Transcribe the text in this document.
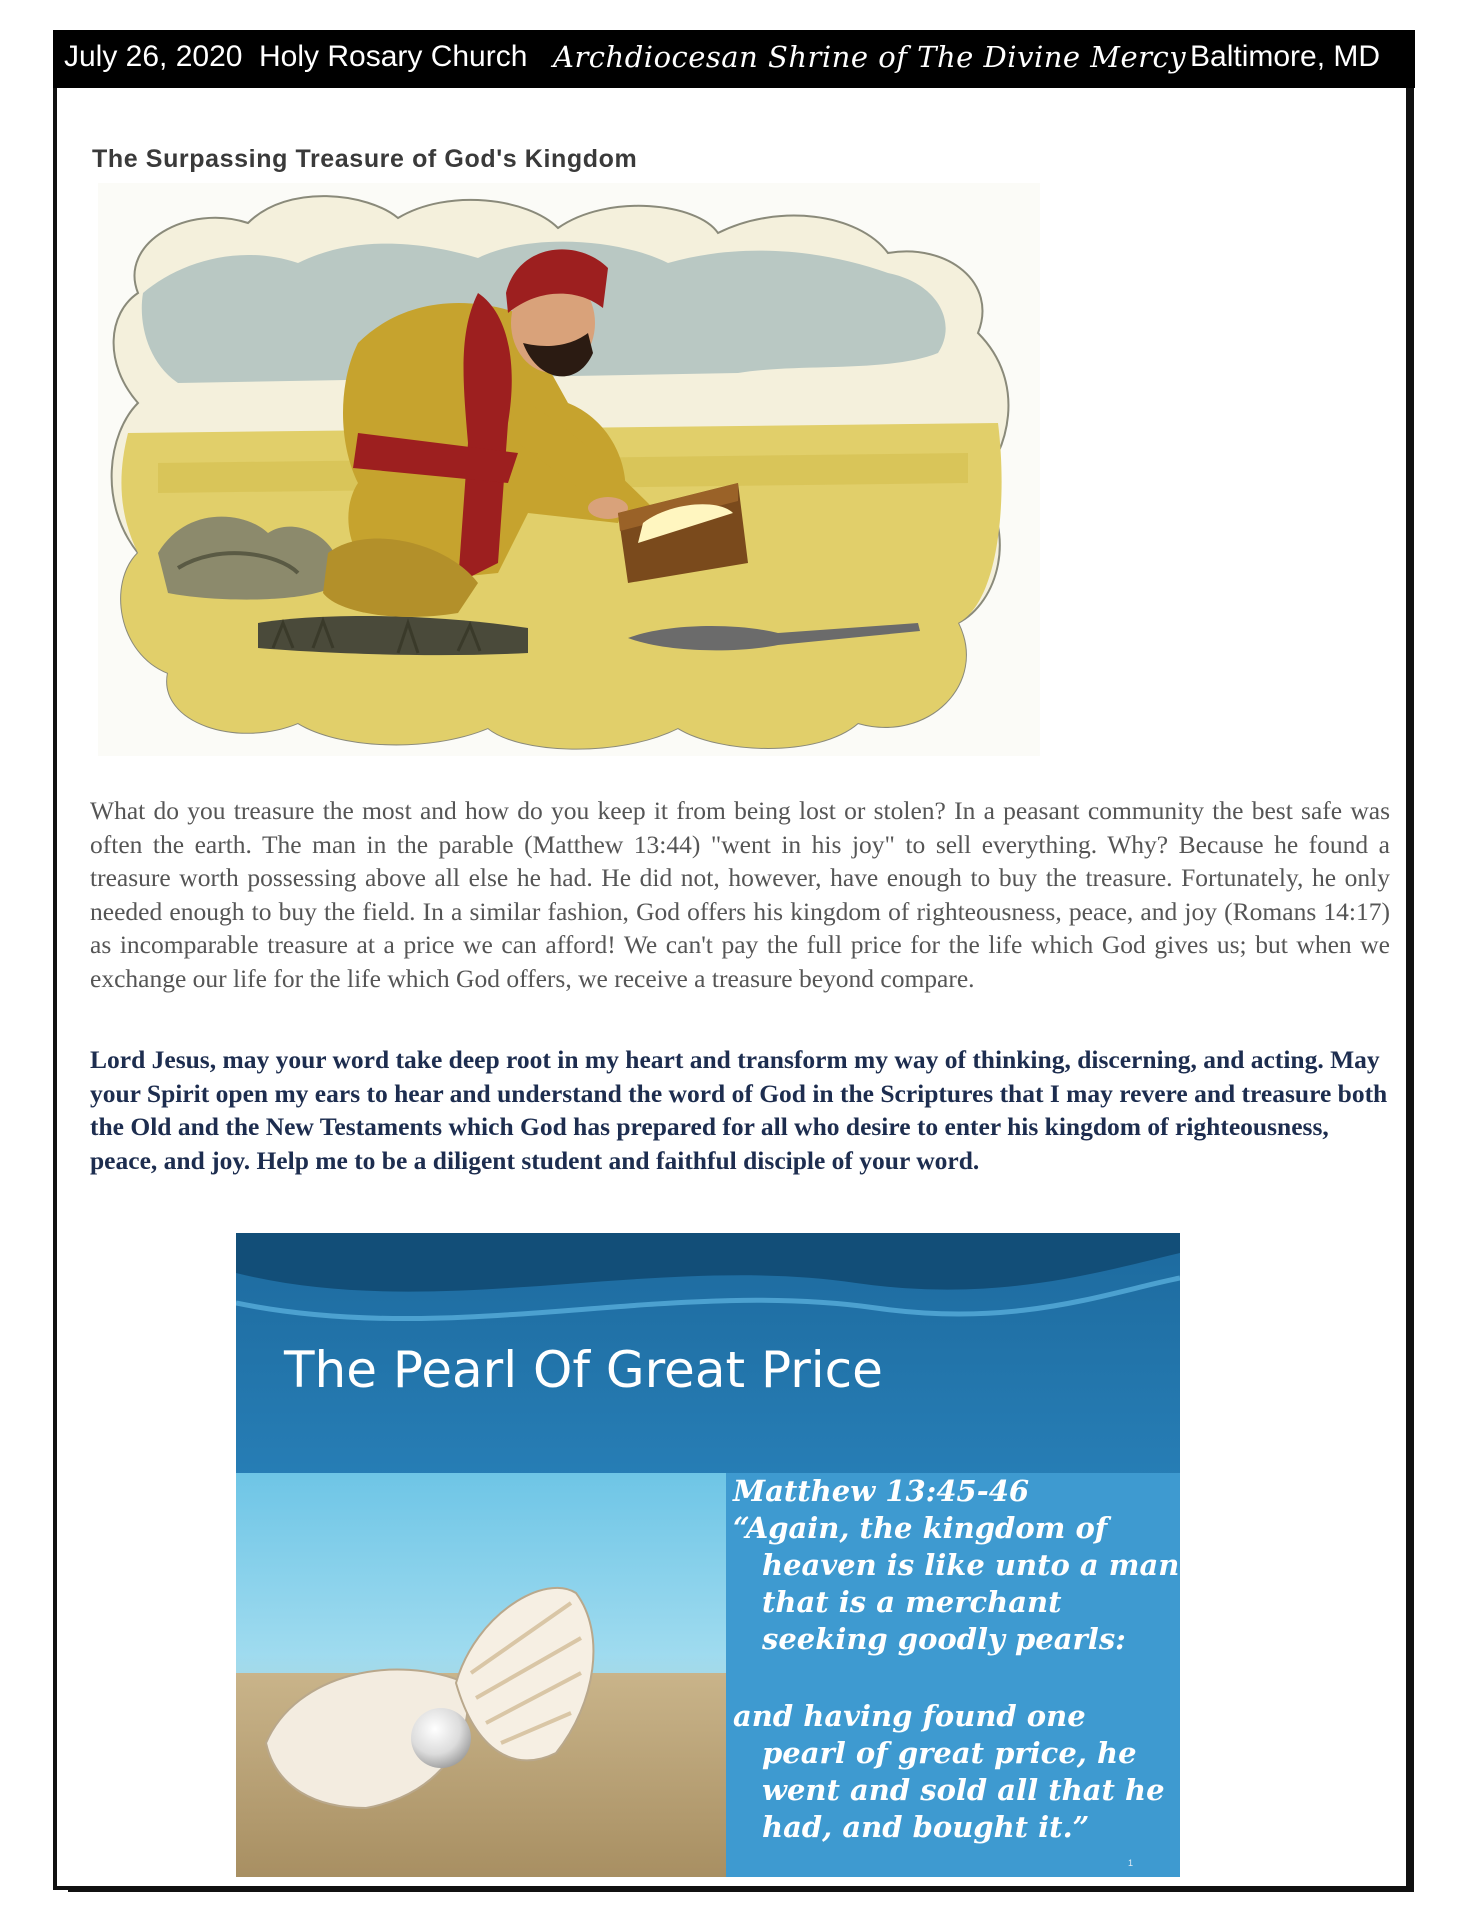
July 26, 2020 Holy Rosary Church Archdiocesan Shrine of The Divine Mercy Baltimore, MD
The Surpassing Treasure of God's Kingdom

What do you treasure the most and how do you keep it from being lost or stolen? In a peasant community the best safe was often the earth. The man in the parable (Matthew 13:44) "went in his joy" to sell everything. Why? Because he found a treasure worth possessing above all else he had. He did not, however, have enough to buy the treasure. Fortunately, he only needed enough to buy the field. In a similar fashion, God offers his kingdom of righteousness, peace, and joy (Romans 14:17) as incomparable treasure at a price we can afford! We can't pay the full price for the life which God gives us; but when we exchange our life for the life which God offers, we receive a treasure beyond compare.

Lord Jesus, may your word take deep root in my heart and transform my way of thinking, discerning, and acting. May your Spirit open my ears to hear and understand the word of God in the Scriptures that I may revere and treasure both the Old and the New Testaments which God has prepared for all who desire to enter his kingdom of righteousness, peace, and joy. Help me to be a diligent student and faithful disciple of your word.

The Pearl Of Great Price
Matthew 13:45-46
“Again, the kingdom of
heaven is like unto a man
that is a merchant
seeking goodly pearls:
and having found one
pearl of great price, he
went and sold all that he
had, and bought it.”
1
